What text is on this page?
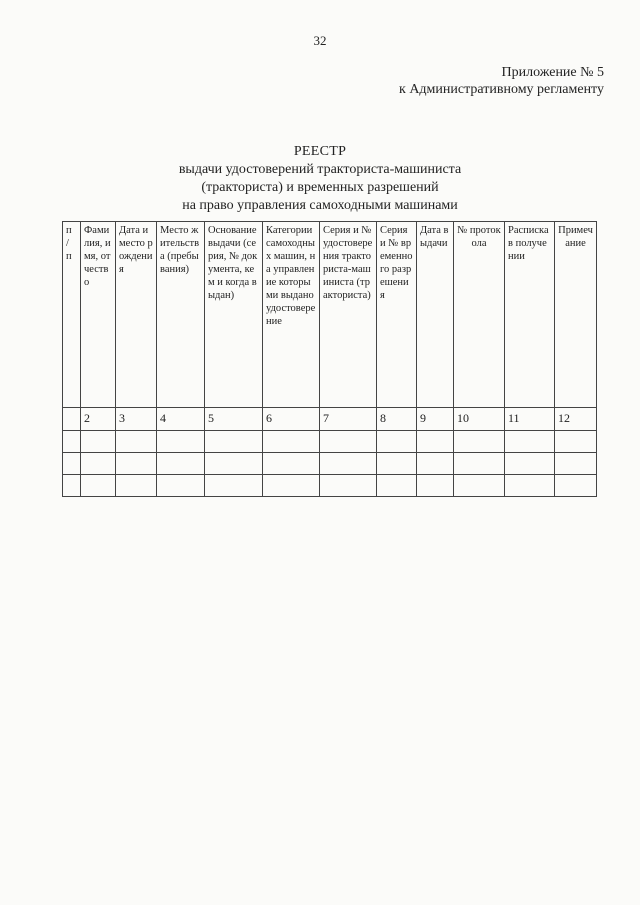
32
Приложение № 5
к Административному регламенту
РЕЕСТР
выдачи удостоверений тракториста-машиниста
(тракториста) и временных разрешений
на право управления самоходными машинами
п / п	Фамилия, имя, отчество	Дата и место рождения	Место жительства (пребывания)	Основание выдачи (серия, № документа, кем и когда выдан)	Категории самоходных машин, на управление которыми выдано удостоверение	Серия и № удостоверения тракториста-машиниста (тракториста)	Серия и № временного разрешения	Дата выдачи	№ протокола	Расписка в получении	Примечание
	2	3	4	5	6	7	8	9	10	11	12
